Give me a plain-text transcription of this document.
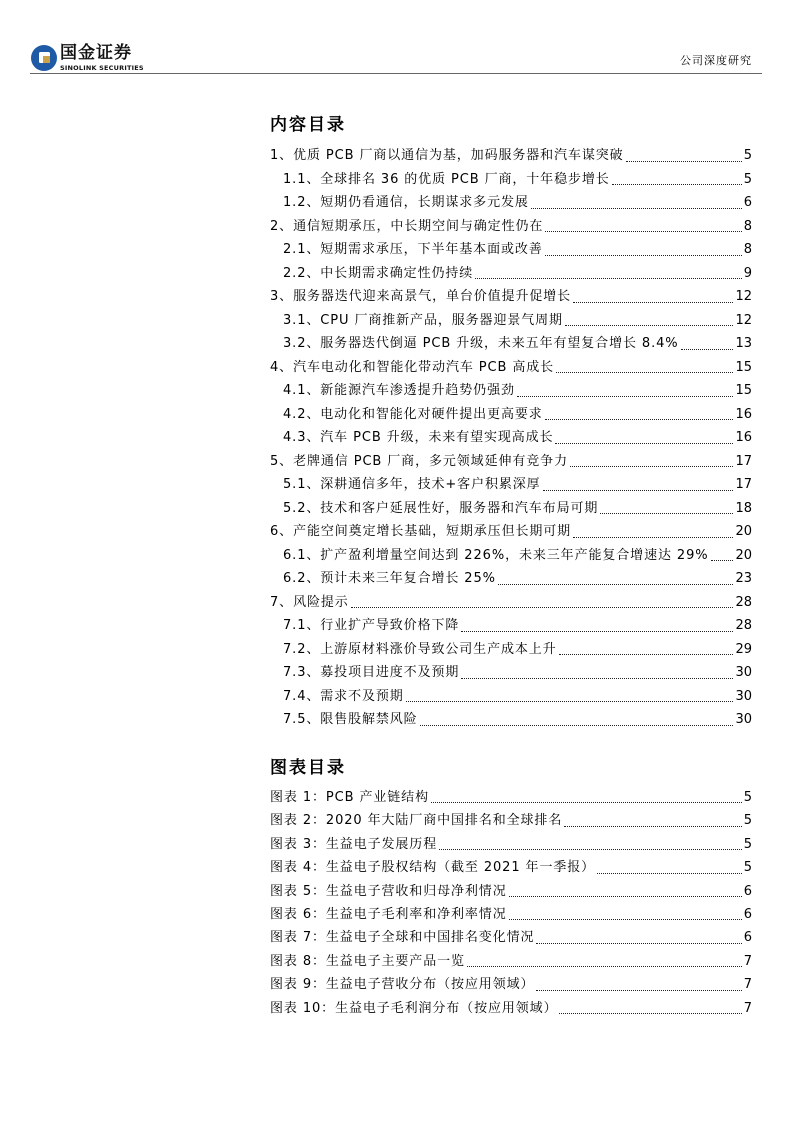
国金证券
SINOLINK SECURITIES
公司深度研究
内容目录
1、优质 PCB 厂商以通信为基，加码服务器和汽车谋突破	5
1.1、全球排名 36 的优质 PCB 厂商，十年稳步增长	5
1.2、短期仍看通信，长期谋求多元发展	6
2、通信短期承压，中长期空间与确定性仍在	8
2.1、短期需求承压，下半年基本面或改善	8
2.2、中长期需求确定性仍持续	9
3、服务器迭代迎来高景气，单台价值提升促增长	12
3.1、CPU 厂商推新产品，服务器迎景气周期	12
3.2、服务器迭代倒逼 PCB 升级，未来五年有望复合增长 8.4%	13
4、汽车电动化和智能化带动汽车 PCB 高成长	15
4.1、新能源汽车渗透提升趋势仍强劲	15
4.2、电动化和智能化对硬件提出更高要求	16
4.3、汽车 PCB 升级，未来有望实现高成长	16
5、老牌通信 PCB 厂商，多元领域延伸有竞争力	17
5.1、深耕通信多年，技术+客户积累深厚	17
5.2、技术和客户延展性好，服务器和汽车布局可期	18
6、产能空间奠定增长基础，短期承压但长期可期	20
6.1、扩产盈利增量空间达到 226%，未来三年产能复合增速达 29% 20
6.2、预计未来三年复合增长 25%	23
7、风险提示	28
7.1、行业扩产导致价格下降	28
7.2、上游原材料涨价导致公司生产成本上升	29
7.3、募投项目进度不及预期	30
7.4、需求不及预期	30
7.5、限售股解禁风险	30
图表目录
图表 1：PCB 产业链结构	5
图表 2：2020 年大陆厂商中国排名和全球排名	5
图表 3：生益电子发展历程	5
图表 4：生益电子股权结构（截至 2021 年一季报）	5
图表 5：生益电子营收和归母净利情况	6
图表 6：生益电子毛利率和净利率情况	6
图表 7：生益电子全球和中国排名变化情况	6
图表 8：生益电子主要产品一览	7
图表 9：生益电子营收分布（按应用领域）	7
图表 10：生益电子毛利润分布（按应用领域）	7
